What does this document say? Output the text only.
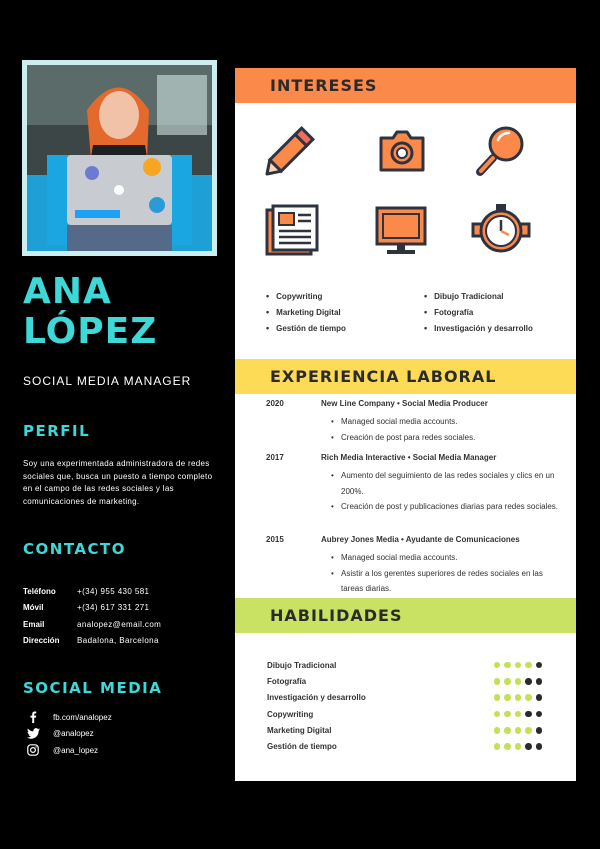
ANA
LÓPEZ
SOCIAL MEDIA MANAGER
PERFIL
Soy una experimentada administradora de redes sociales que, busca un puesto a tiempo completo en el campo de las redes sociales y las comunicaciones de marketing.
CONTACTO
Teléfono	+(34) 955 430 581
Móvil	+(34) 617 331 271
Email	analopez@email.com
Dirección	Badalona, Barcelona
SOCIAL MEDIA
fb.com/analopez
@analopez
@ana_lopez
INTERESES
• Copywriting
• Marketing Digital
• Gestión de tiempo
• Dibujo Tradicional
• Fotografía
• Investigación y desarrollo
EXPERIENCIA LABORAL
2020	New Line Company • Social Media Producer
• Managed social media accounts.
• Creación de post para redes sociales.
2017	Rich Media Interactive • Social Media Manager
• Aumento del seguimiento de las redes sociales y clics en un 200%.
• Creación de post y publicaciones diarias para redes sociales.
2015	Aubrey Jones Media • Ayudante de Comunicaciones
• Managed social media accounts.
• Asistir a los gerentes superiores de redes sociales en las tareas diarias.
HABILIDADES
Dibujo Tradicional
Fotografía
Investigación y desarrollo
Copywriting
Marketing Digital
Gestión de tiempo
